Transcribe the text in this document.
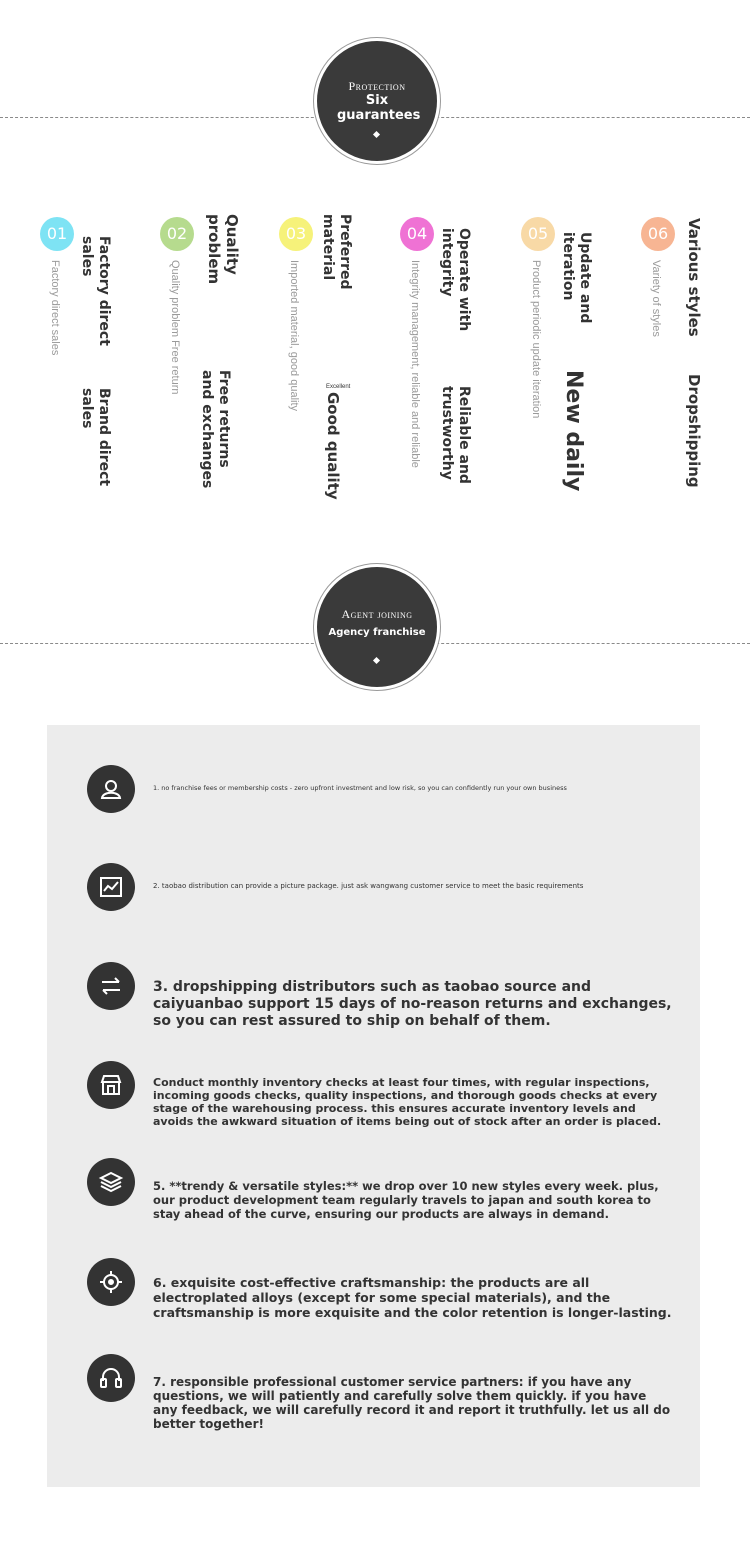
Protection
Six guarantees
01
Factory direct sales	Factory direct sales
Brand direct sales
02
Quality problem Free return
Quality problem
Free returns and exchanges
03
Imported material, good quality
Preferred material
Excellent
Good quality
04
Integrity management, reliable and reliable	Operate with integrity
Reliable and trustworthy
05
Product periodic update iteration	Update and iteration
New daily
06
Variety of styles Various styles
Dropshipping
Agent joining
Agency franchise
1. no franchise fees or membership costs - zero upfront investment and low risk, so you can confidently run your own business
2. taobao distribution can provide a picture package. just ask wangwang customer service to meet the basic requirements
3. dropshipping distributors such as taobao source and caiyuanbao support 15 days of no-reason returns and exchanges, so you can rest assured to ship on behalf of them.
Conduct monthly inventory checks at least four times, with regular inspections, incoming goods checks, quality inspections, and thorough goods checks at every stage of the warehousing process. this ensures accurate inventory levels and avoids the awkward situation of items being out of stock after an order is placed.
5. **trendy & versatile styles:** we drop over 10 new styles every week. plus, our product development team regularly travels to japan and south korea to stay ahead of the curve, ensuring our products are always in demand.
6. exquisite cost-effective craftsmanship: the products are all electroplated alloys (except for some special materials), and the craftsmanship is more exquisite and the color retention is longer-lasting.
7. responsible professional customer service partners: if you have any questions, we will patiently and carefully solve them quickly. if you have any feedback, we will carefully record it and report it truthfully. let us all do better together!
